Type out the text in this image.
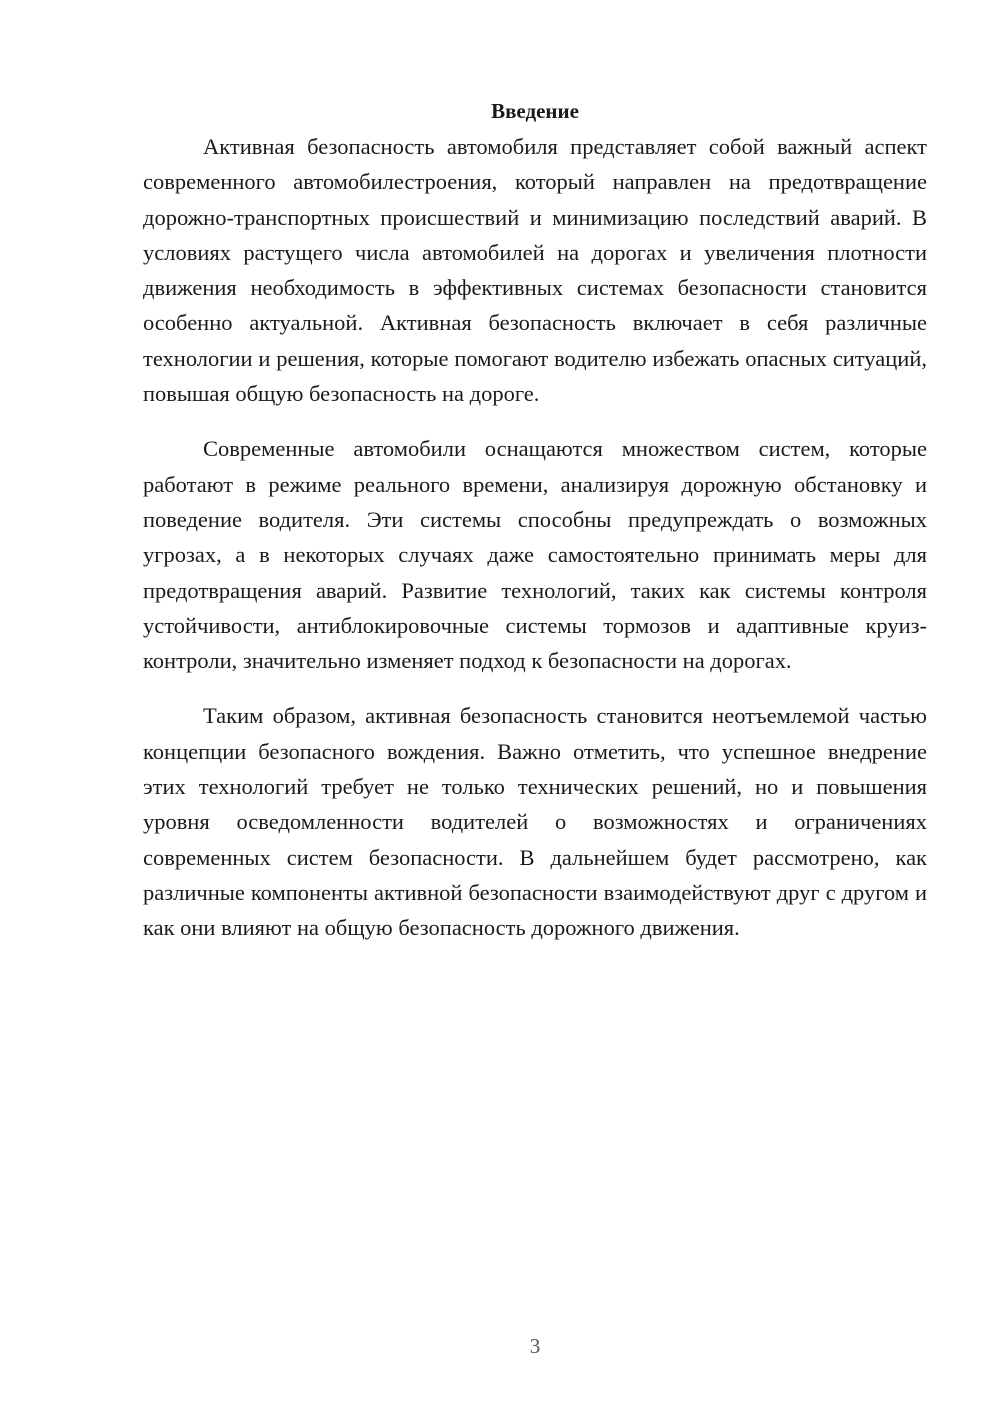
Введение

Активная безопасность автомобиля представляет собой важный аспект современного автомобилестроения, который направлен на предотвращение дорожно-транспортных происшествий и минимизацию последствий аварий. В условиях растущего числа автомобилей на дорогах и увеличения плотности движения необходимость в эффективных системах безопасности становится особенно актуальной. Активная безопасность включает в себя различные технологии и решения, которые помогают водителю избежать опасных ситуаций, повышая общую безопасность на дороге.

Современные автомобили оснащаются множеством систем, которые работают в режиме реального времени, анализируя дорожную обстановку и поведение водителя. Эти системы способны предупреждать о возможных угрозах, а в некоторых случаях даже самостоятельно принимать меры для предотвращения аварий. Развитие технологий, таких как системы контроля устойчивости, антиблокировочные системы тормозов и адаптивные круиз-контроли, значительно изменяет подход к безопасности на дорогах.

Таким образом, активная безопасность становится неотъемлемой частью концепции безопасного вождения. Важно отметить, что успешное внедрение этих технологий требует не только технических решений, но и повышения уровня осведомленности водителей о возможностях и ограничениях современных систем безопасности. В дальнейшем будет рассмотрено, как различные компоненты активной безопасности взаимодействуют друг с другом и как они влияют на общую безопасность дорожного движения.

3
